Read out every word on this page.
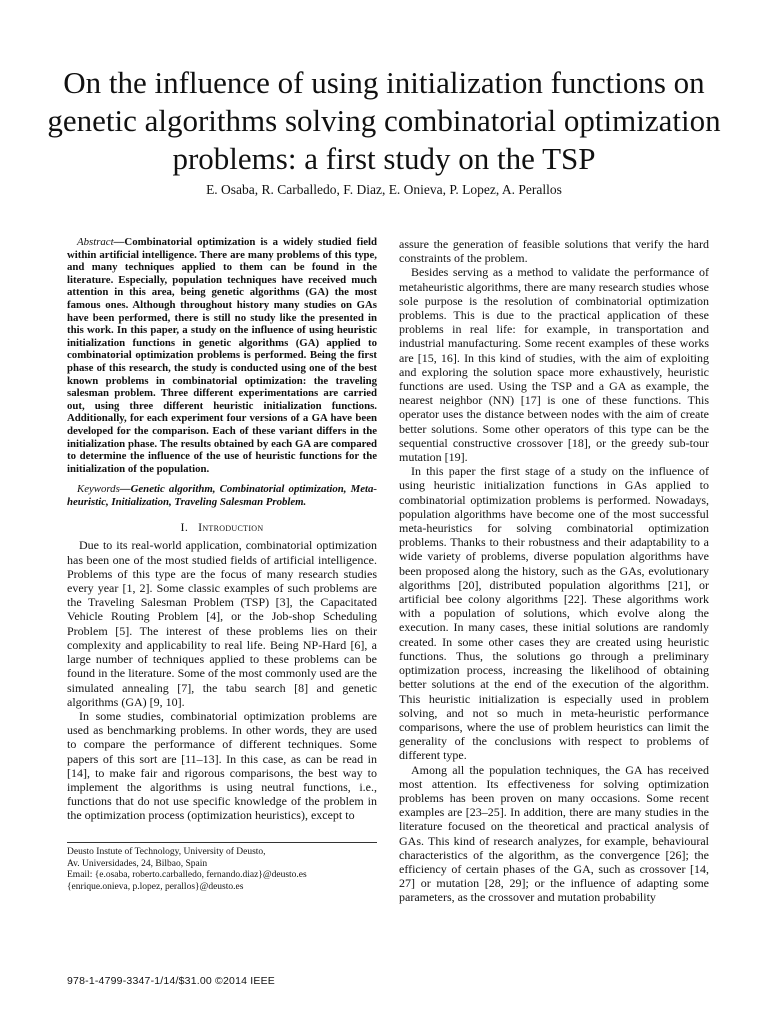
On the influence of using initialization functions on genetic algorithms solving combinatorial optimization problems: a first study on the TSP
E. Osaba, R. Carballedo, F. Diaz, E. Onieva, P. Lopez, A. Perallos

Abstract—Combinatorial optimization is a widely studied field within artificial intelligence. There are many problems of this type, and many techniques applied to them can be found in the literature. Especially, population techniques have received much attention in this area, being genetic algorithms (GA) the most famous ones. Although throughout history many studies on GAs have been performed, there is still no study like the presented in this work. In this paper, a study on the influence of using heuristic initialization functions in genetic algorithms (GA) applied to combinatorial optimization problems is performed. Being the first phase of this research, the study is conducted using one of the best known problems in combinatorial optimization: the traveling salesman problem. Three different experimentations are carried out, using three different heuristic initialization functions. Additionally, for each experiment four versions of a GA have been developed for the comparison. Each of these variant differs in the initialization phase. The results obtained by each GA are compared to determine the influence of the use of heuristic functions for the initialization of the population.

Keywords—Genetic algorithm, Combinatorial optimization, Meta-heuristic, Initialization, Traveling Salesman Problem.

I. Introduction

Due to its real-world application, combinatorial optimization has been one of the most studied fields of artificial intelligence. Problems of this type are the focus of many research studies every year [1, 2]. Some classic examples of such problems are the Traveling Salesman Problem (TSP) [3], the Capacitated Vehicle Routing Problem [4], or the Job-shop Scheduling Problem [5]. The interest of these problems lies on their complexity and applicability to real life. Being NP-Hard [6], a large number of techniques applied to these problems can be found in the literature. Some of the most commonly used are the simulated annealing [7], the tabu search [8] and genetic algorithms (GA) [9, 10].

In some studies, combinatorial optimization problems are used as benchmarking problems. In other words, they are used to compare the performance of different techniques. Some papers of this sort are [11–13]. In this case, as can be read in [14], to make fair and rigorous comparisons, the best way to implement the algorithms is using neutral functions, i.e., functions that do not use specific knowledge of the problem in the optimization process (optimization heuristics), except to

assure the generation of feasible solutions that verify the hard constraints of the problem.

Besides serving as a method to validate the performance of metaheuristic algorithms, there are many research studies whose sole purpose is the resolution of combinatorial optimization problems. This is due to the practical application of these problems in real life: for example, in transportation and industrial manufacturing. Some recent examples of these works are [15, 16]. In this kind of studies, with the aim of exploiting and exploring the solution space more exhaustively, heuristic functions are used. Using the TSP and a GA as example, the nearest neighbor (NN) [17] is one of these functions. This operator uses the distance between nodes with the aim of create better solutions. Some other operators of this type can be the sequential constructive crossover [18], or the greedy sub-tour mutation [19].

In this paper the first stage of a study on the influence of using heuristic initialization functions in GAs applied to combinatorial optimization problems is performed. Nowadays, population algorithms have become one of the most successful meta-heuristics for solving combinatorial optimization problems. Thanks to their robustness and their adaptability to a wide variety of problems, diverse population algorithms have been proposed along the history, such as the GAs, evolutionary algorithms [20], distributed population algorithms [21], or artificial bee colony algorithms [22]. These algorithms work with a population of solutions, which evolve along the execution. In many cases, these initial solutions are randomly created. In some other cases they are created using heuristic functions. Thus, the solutions go through a preliminary optimization process, increasing the likelihood of obtaining better solutions at the end of the execution of the algorithm. This heuristic initialization is especially used in problem solving, and not so much in meta-heuristic performance comparisons, where the use of problem heuristics can limit the generality of the conclusions with respect to problems of different type.

Among all the population techniques, the GA has received most attention. Its effectiveness for solving optimization problems has been proven on many occasions. Some recent examples are [23–25]. In addition, there are many studies in the literature focused on the theoretical and practical analysis of GAs. This kind of research analyzes, for example, behavioural characteristics of the algorithm, as the convergence [26]; the efficiency of certain phases of the GA, such as crossover [14, 27] or mutation [28, 29]; or the influence of adapting some parameters, as the crossover and mutation probability

Deusto Instute of Technology, University of Deusto,
Av. Universidades, 24, Bilbao, Spain
Email: {e.osaba, roberto.carballedo, fernando.diaz}@deusto.es
{enrique.onieva, p.lopez, perallos}@deusto.es
978-1-4799-3347-1/14/$31.00 ©2014 IEEE
